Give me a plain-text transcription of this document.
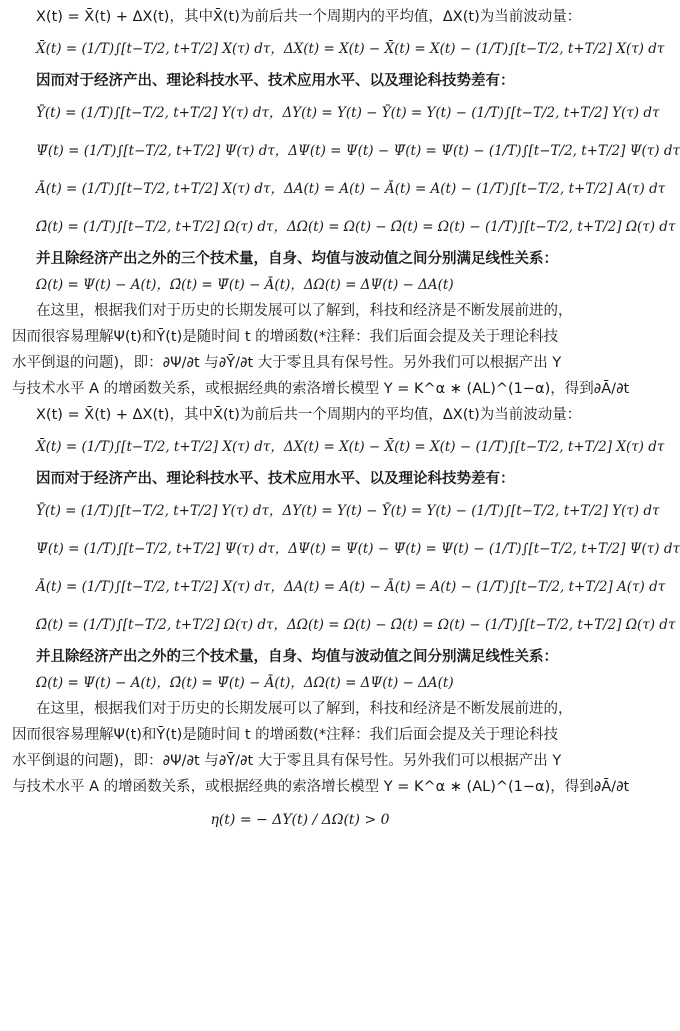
X(t) = X̄(t) + ΔX(t)，其中X̄(t)为前后共一个周期内的平均值，ΔX(t)为当前波动量：
X̄(t) = (1/T)∫[t−T/2, t+T/2] X(τ) dτ，ΔX(t) = X(t) − X̄(t) = X(t) − (1/T)∫[t−T/2, t+T/2] X(τ) dτ
因而对于经济产出、理论科技水平、技术应用水平、以及理论科技势差有：
Ȳ(t) = (1/T)∫[t−T/2, t+T/2] Y(τ) dτ，ΔY(t) = Y(t) − Ȳ(t) = Y(t) − (1/T)∫[t−T/2, t+T/2] Y(τ) dτ
Ψ̄(t) = (1/T)∫[t−T/2, t+T/2] Ψ(τ) dτ，ΔΨ(t) = Ψ(t) − Ψ̄(t) = Ψ(t) − (1/T)∫[t−T/2, t+T/2] Ψ(τ) dτ
Ā(t) = (1/T)∫[t−T/2, t+T/2] X(τ) dτ，ΔA(t) = A(t) − Ā(t) = A(t) − (1/T)∫[t−T/2, t+T/2] A(τ) dτ
Ω̄(t) = (1/T)∫[t−T/2, t+T/2] Ω(τ) dτ，ΔΩ(t) = Ω(t) − Ω̄(t) = Ω(t) − (1/T)∫[t−T/2, t+T/2] Ω(τ) dτ
并且除经济产出之外的三个技术量，自身、均值与波动值之间分别满足线性关系：
Ω(t) = Ψ(t) − A(t)，Ω̄(t) = Ψ̄(t) − Ā(t)，ΔΩ(t) = ΔΨ(t) − ΔA(t)
在这里，根据我们对于历史的长期发展可以了解到，科技和经济是不断发展前进的，
因而很容易理解Ψ(t)和Ȳ(t)是随时间 t 的增函数(*注释：我们后面会提及关于理论科技
水平倒退的问题)，即：∂Ψ/∂t 与∂Ȳ/∂t 大于零且具有保号性。另外我们可以根据产出 Y
与技术水平 A 的增函数关系，或根据经典的索洛增长模型 Y = K^α ∗ (AL)^(1−α)，得到∂Ā/∂t
X(t) = X̄(t) + ΔX(t)，其中X̄(t)为前后共一个周期内的平均值，ΔX(t)为当前波动量：
X̄(t) = (1/T)∫[t−T/2, t+T/2] X(τ) dτ，ΔX(t) = X(t) − X̄(t) = X(t) − (1/T)∫[t−T/2, t+T/2] X(τ) dτ
因而对于经济产出、理论科技水平、技术应用水平、以及理论科技势差有：
Ȳ(t) = (1/T)∫[t−T/2, t+T/2] Y(τ) dτ，ΔY(t) = Y(t) − Ȳ(t) = Y(t) − (1/T)∫[t−T/2, t+T/2] Y(τ) dτ
Ψ̄(t) = (1/T)∫[t−T/2, t+T/2] Ψ(τ) dτ，ΔΨ(t) = Ψ(t) − Ψ̄(t) = Ψ(t) − (1/T)∫[t−T/2, t+T/2] Ψ(τ) dτ
Ā(t) = (1/T)∫[t−T/2, t+T/2] X(τ) dτ，ΔA(t) = A(t) − Ā(t) = A(t) − (1/T)∫[t−T/2, t+T/2] A(τ) dτ
Ω̄(t) = (1/T)∫[t−T/2, t+T/2] Ω(τ) dτ，ΔΩ(t) = Ω(t) − Ω̄(t) = Ω(t) − (1/T)∫[t−T/2, t+T/2] Ω(τ) dτ
并且除经济产出之外的三个技术量，自身、均值与波动值之间分别满足线性关系：
Ω(t) = Ψ(t) − A(t)，Ω̄(t) = Ψ̄(t) − Ā(t)，ΔΩ(t) = ΔΨ(t) − ΔA(t)
在这里，根据我们对于历史的长期发展可以了解到，科技和经济是不断发展前进的，
因而很容易理解Ψ(t)和Ȳ(t)是随时间 t 的增函数(*注释：我们后面会提及关于理论科技
水平倒退的问题)，即：∂Ψ/∂t 与∂Ȳ/∂t 大于零且具有保号性。另外我们可以根据产出 Y
与技术水平 A 的增函数关系，或根据经典的索洛增长模型 Y = K^α ∗ (AL)^(1−α)，得到∂Ā/∂t
η(t) = − ΔY(t) / ΔΩ(t) > 0
